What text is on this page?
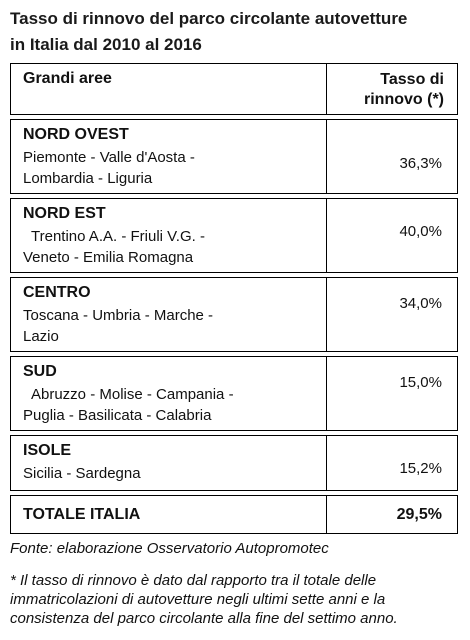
Tasso di rinnovo del parco circolante autovetture
in Italia dal 2010 al 2016
Grandi aree	Tasso di
rinnovo (*)

NORD OVEST
Piemonte - Valle d'Aosta -
Lombardia - Liguria	36,3%

NORD EST
Trentino A.A. - Friuli V.G. -
Veneto - Emilia Romagna	40,0%

CENTRO
Toscana - Umbria - Marche -
Lazio	34,0%

SUD
Abruzzo - Molise - Campania -
Puglia - Basilicata - Calabria	15,0%

ISOLE
Sicilia - Sardegna	15,2%

TOTALE ITALIA	29,5%
Fonte: elaborazione Osservatorio Autopromotec
* Il tasso di rinnovo è dato dal rapporto tra il totale delle
immatricolazioni di autovetture negli ultimi sette anni e la
consistenza del parco circolante alla fine del settimo anno.
